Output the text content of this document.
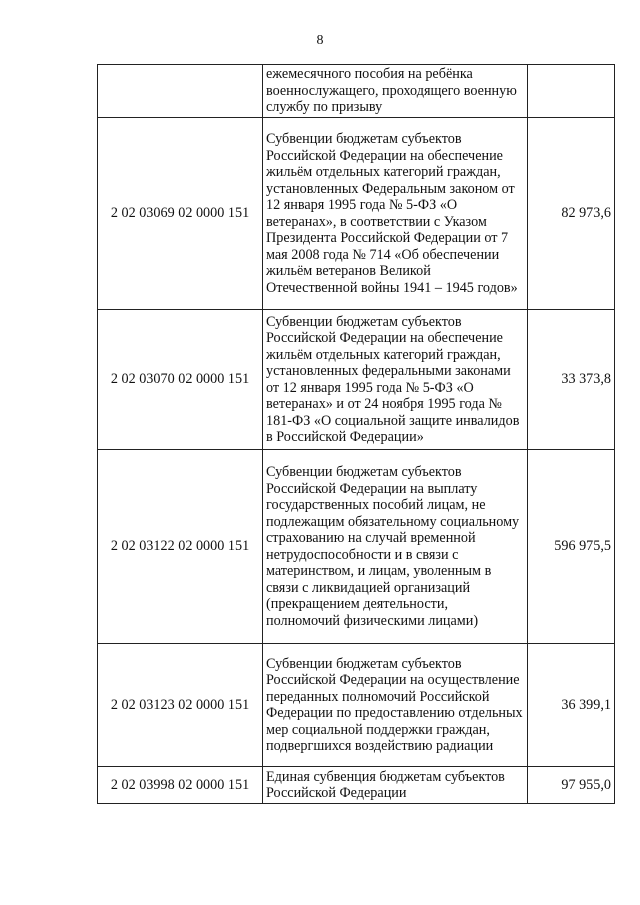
8

	ежемесячного пособия на ребёнка военнослужащего, проходящего военную службу по призыву	

2 02 03069 02 0000 151	Субвенции бюджетам субъектов Российской Федерации на обеспечение жильём отдельных категорий граждан, установленных Федеральным законом от 12 января 1995 года № 5-ФЗ «О ветеранах», в соответствии с Указом Президента Российской Федерации от 7 мая 2008 года № 714 «Об обеспечении жильём ветеранов Великой Отечественной войны 1941 – 1945 годов»	82 973,6
2 02 03070 02 0000 151	Субвенции бюджетам субъектов Российской Федерации на обеспечение жильём отдельных категорий граждан, установленных федеральными законами от 12 января 1995 года № 5-ФЗ «О ветеранах» и от 24 ноября 1995 года № 181-ФЗ «О социальной защите инвалидов в Российской Федерации»	33 373,8
2 02 03122 02 0000 151	Субвенции бюджетам субъектов Российской Федерации на выплату государственных пособий лицам, не подлежащим обязательному социальному страхованию на случай временной нетрудоспособности и в связи с материнством, и лицам, уволенным в связи с ликвидацией организаций (прекращением деятельности, полномочий физическими лицами)	596 975,5
2 02 03123 02 0000 151	Субвенции бюджетам субъектов Российской Федерации на осуществление переданных полномочий Российской Федерации по предоставлению отдельных мер социальной поддержки граждан, подвергшихся воздействию радиации	36 399,1
2 02 03998 02 0000 151	Единая субвенция бюджетам субъектов Российской Федерации	97 955,0
